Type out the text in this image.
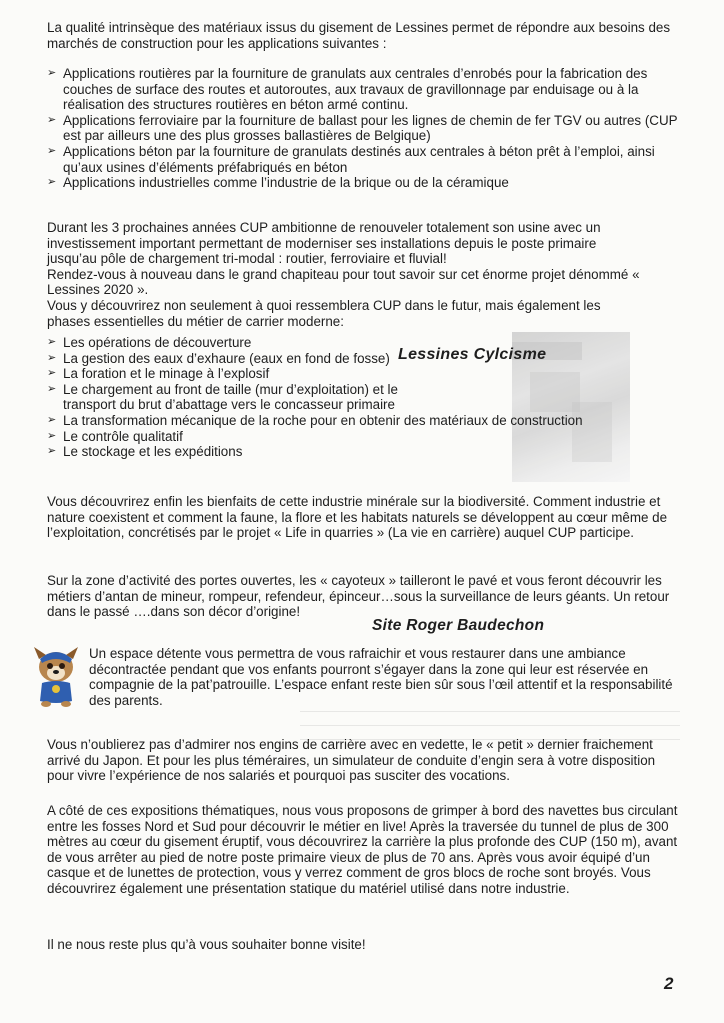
La qualité intrinsèque des matériaux issus du gisement de Lessines permet de répondre aux besoins des marchés de construction pour les applications suivantes :

➢ Applications routières par la fourniture de granulats aux centrales d’enrobés pour la fabrication des couches de surface des routes et autoroutes, aux travaux de gravillonnage par enduisage ou à la réalisation des structures routières en béton armé continu.
➢ Applications ferroviaire par la fourniture de ballast pour les lignes de chemin de fer TGV ou autres (CUP est par ailleurs une des plus grosses ballastières de Belgique)
➢ Applications béton par la fourniture de granulats destinés aux centrales à béton prêt à l’emploi, ainsi qu’aux usines d’éléments préfabriqués en béton
➢ Applications industrielles comme l’industrie de la brique ou de la céramique

Durant les 3 prochaines années CUP ambitionne de renouveler totalement son usine avec un investissement important permettant de moderniser ses installations depuis le poste primaire jusqu’au pôle de chargement tri-modal : routier, ferroviaire et fluvial!

Rendez-vous à nouveau dans le grand chapiteau pour tout savoir sur cet énorme projet dénommé « Lessines 2020 ».

Vous y découvrirez non seulement à quoi ressemblera CUP dans le futur, mais également les phases essentielles du métier de carrier moderne:

➢ Les opérations de découverture
➢ La gestion des eaux d’exhaure (eaux en fond de fosse)
➢ La foration et le minage à l’explosif
➢ Le chargement au front de taille (mur d’exploitation) et le transport du brut d’abattage vers le concasseur primaire
➢ La transformation mécanique de la roche pour en obtenir des matériaux de construction
➢ Le contrôle qualitatif
➢ Le stockage et les expéditions
Lessines Cylcisme

Vous découvrirez enfin les bienfaits de cette industrie minérale sur la biodiversité. Comment industrie et nature coexistent et comment la faune, la flore et les habitats naturels se développent au cœur même de l’exploitation, concrétisés par le projet « Life in quarries » (La vie en carrière) auquel CUP participe.

Sur la zone d’activité des portes ouvertes, les « cayoteux » tailleront le pavé et vous feront découvrir les métiers d’antan de mineur, rompeur, refendeur, épinceur…sous la surveillance de leurs géants. Un retour dans le passé ….dans son décor d’origine!

Site Roger Baudechon

Un espace détente vous permettra de vous rafraichir et vous restaurer dans une ambiance décontractée pendant que vos enfants pourront s’égayer dans la zone qui leur est réservée en compagnie de la pat’patrouille. L’espace enfant reste bien sûr sous l’œil attentif et la responsabilité des parents.

Vous n’oublierez pas d’admirer nos engins de carrière avec en vedette, le « petit » dernier fraichement arrivé du Japon. Et pour les plus téméraires, un simulateur de conduite d’engin sera à votre disposition pour vivre l’expérience de nos salariés et pourquoi pas susciter des vocations.

A côté de ces expositions thématiques, nous vous proposons de grimper à bord des navettes bus circulant entre les fosses Nord et Sud pour découvrir le métier en live! Après la traversée du tunnel de plus de 300 mètres au cœur du gisement éruptif, vous découvrirez la carrière la plus profonde des CUP (150 m), avant de vous arrêter au pied de notre poste primaire vieux de plus de 70 ans. Après vous avoir équipé d’un casque et de lunettes de protection, vous y verrez comment de gros blocs de roche sont broyés. Vous découvrirez également une présentation statique du matériel utilisé dans notre industrie.

Il ne nous reste plus qu’à vous souhaiter bonne visite!

2
